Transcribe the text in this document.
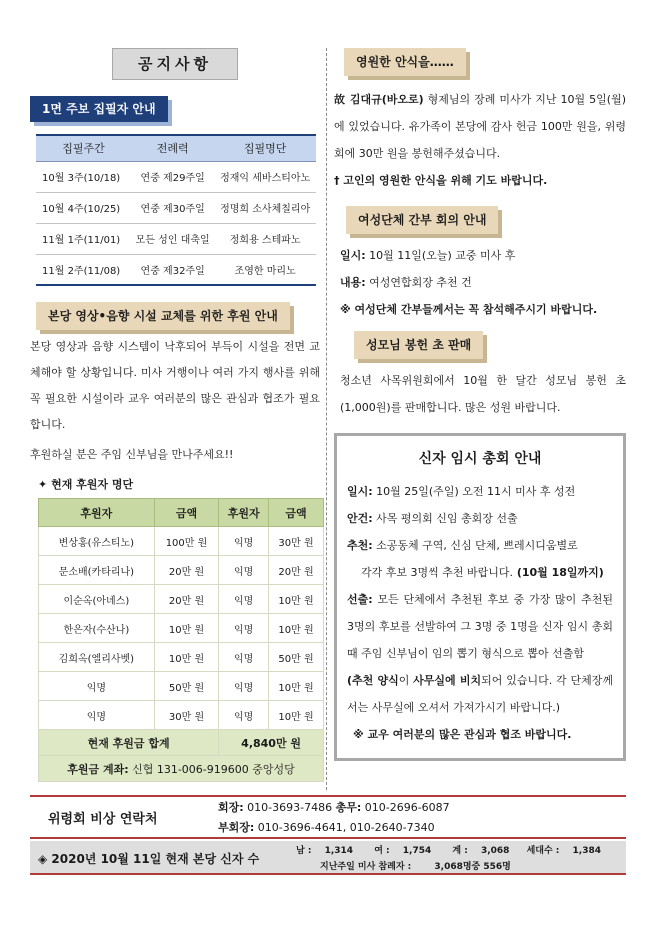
공지사항
1면 주보 집필자 안내
집필주간	전례력	집필명단
10월 3주(10/18)	연중 제29주일	정재익 세바스티아노
10월 4주(10/25)	연중 제30주일	정명희 소사체칠리아
11월 1주(11/01)	모든 성인 대축일	정희용 스테파노
11월 2주(11/08)	연중 제32주일	조영한 마리노
본당 영상•음향 시설 교체를 위한 후원 안내

본당 영상과 음향 시스템이 낙후되어 부득이 시설을 전면 교체해야 할 상황입니다. 미사 거행이나 여러 가지 행사를 위해 꼭 필요한 시설이라 교우 여러분의 많은 관심과 협조가 필요합니다.

후원하실 분은 주임 신부님을 만나주세요!!

✦ 현재 후원자 명단
후원자	금액	후원자	금액
변상홍(유스티노)	100만 원	익명	30만 원
문소배(카타리나)	20만 원	익명	20만 원
이순옥(아녜스)	20만 원	익명	10만 원
한은자(수산나)	10만 원	익명	10만 원
김희옥(엘리사벳)	10만 원	익명	50만 원
익명	50만 원	익명	10만 원
익명	30만 원	익명	10만 원
현재 후원금 합계		4,840만 원	
후원금 계좌: 신협 131-006-919600 중앙성당			
영원한 안식을……

故 김대규(바오로) 형제님의 장례 미사가 지난 10월 5일(월)에 있었습니다. 유가족이 본당에 감사 헌금 100만 원을, 위령회에 30만 원을 봉헌해주셨습니다.

† 고인의 영원한 안식을 위해 기도 바랍니다.

여성단체 간부 회의 안내

일시: 10월 11일(오늘) 교중 미사 후

내용: 여성연합회장 추천 건

※ 여성단체 간부들께서는 꼭 참석해주시기 바랍니다.

성모님 봉헌 초 판매

청소년 사목위원회에서 10월 한 달간 성모님 봉헌 초(1,000원)를 판매합니다. 많은 성원 바랍니다.

신자 임시 총회 안내

일시: 10월 25일(주일) 오전 11시 미사 후 성전

안건: 사목 평의회 신임 총회장 선출

추천: 소공동체 구역, 신심 단체, 쁘레시디움별로

각각 후보 3명씩 추천 바랍니다. (10월 18일까지)

선출: 모든 단체에서 추천된 후보 중 가장 많이 추천된 3명의 후보를 선발하여 그 3명 중 1명을 신자 임시 총회 때 주임 신부님이 임의 뽑기 형식으로 뽑아 선출함

(추천 양식이 사무실에 비치되어 있습니다. 각 단체장께서는 사무실에 오셔서 가져가시기 바랍니다.)

※ 교우 여러분의 많은 관심과 협조 바랍니다.

위령회 비상 연락처
회장: 010-3693-7486 총무: 010-2696-6087
부회장: 010-3696-4641, 010-2640-7340
◈ 2020년 10월 11일 현재 본당 신자 수
남 : 1,314 여 : 1,754 계 : 3,068 세대수 : 1,384
지난주일 미사 참례자 :	3,068명중 556명
